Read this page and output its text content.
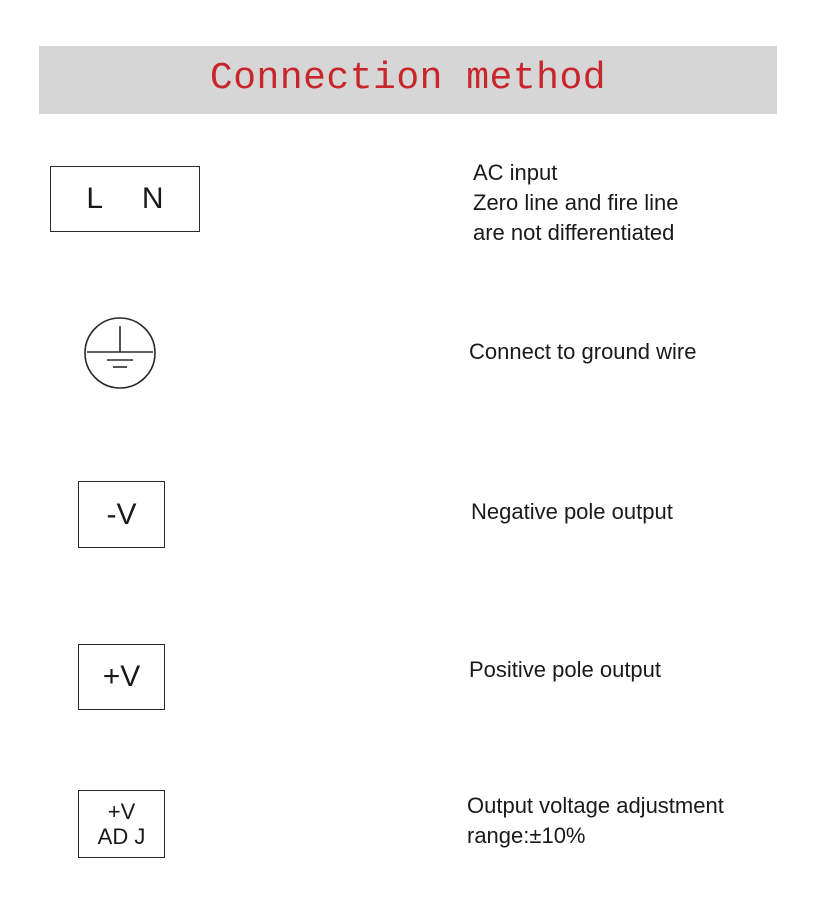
Connection method
L N
AC input
Zero line and fire line
are not differentiated
Connect to ground wire
-V	Negative pole output
+V	Positive pole output
+V
AD J
Output voltage adjustment
range:±10%
